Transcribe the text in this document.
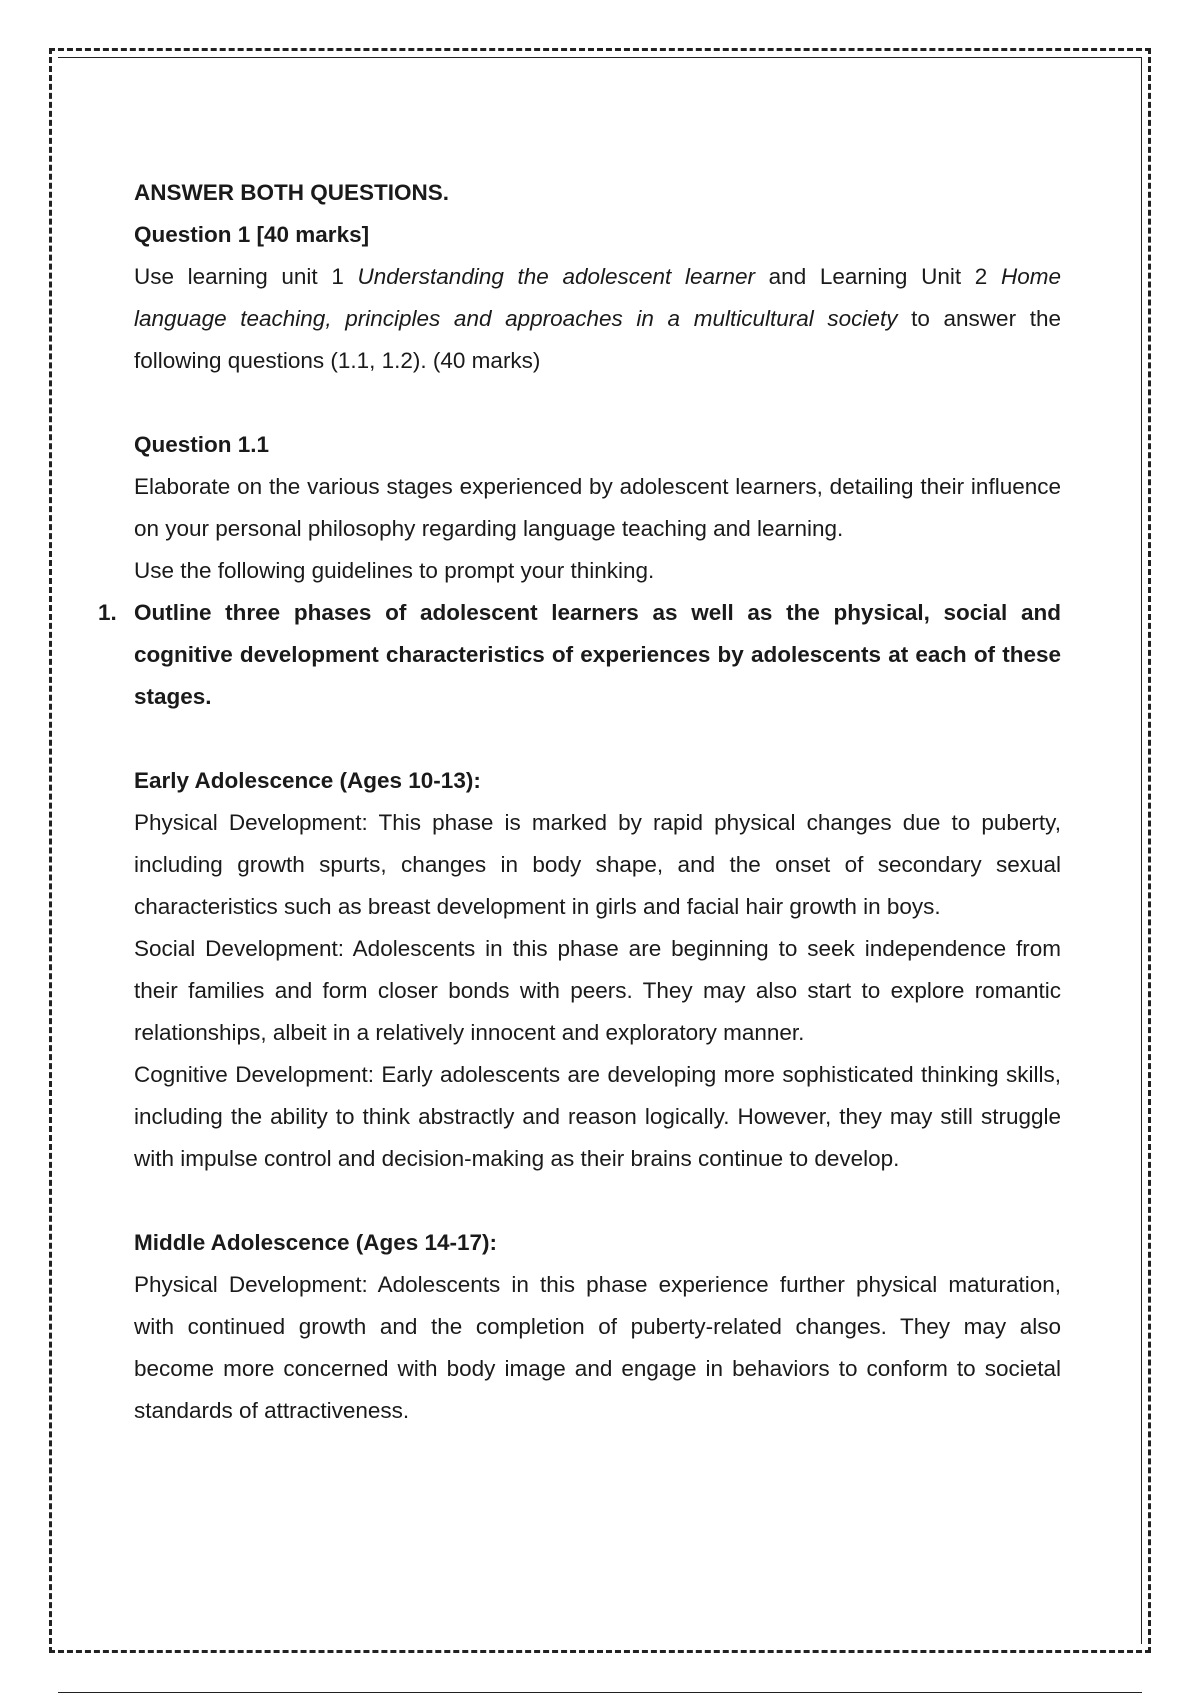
ANSWER BOTH QUESTIONS.

Question 1 [40 marks]

Use learning unit 1 Understanding the adolescent learner and Learning Unit 2 Home language teaching, principles and approaches in a multicultural society to answer the following questions (1.1, 1.2). (40 marks)

Question 1.1

Elaborate on the various stages experienced by adolescent learners, detailing their influence on your personal philosophy regarding language teaching and learning.

Use the following guidelines to prompt your thinking.

1. Outline three phases of adolescent learners as well as the physical, social and cognitive development characteristics of experiences by adolescents at each of these stages.

Early Adolescence (Ages 10-13):

Physical Development: This phase is marked by rapid physical changes due to puberty, including growth spurts, changes in body shape, and the onset of secondary sexual characteristics such as breast development in girls and facial hair growth in boys.

Social Development: Adolescents in this phase are beginning to seek independence from their families and form closer bonds with peers. They may also start to explore romantic relationships, albeit in a relatively innocent and exploratory manner.

Cognitive Development: Early adolescents are developing more sophisticated thinking skills, including the ability to think abstractly and reason logically. However, they may still struggle with impulse control and decision-making as their brains continue to develop.

Middle Adolescence (Ages 14-17):

Physical Development: Adolescents in this phase experience further physical maturation, with continued growth and the completion of puberty-related changes. They may also become more concerned with body image and engage in behaviors to conform to societal standards of attractiveness.
